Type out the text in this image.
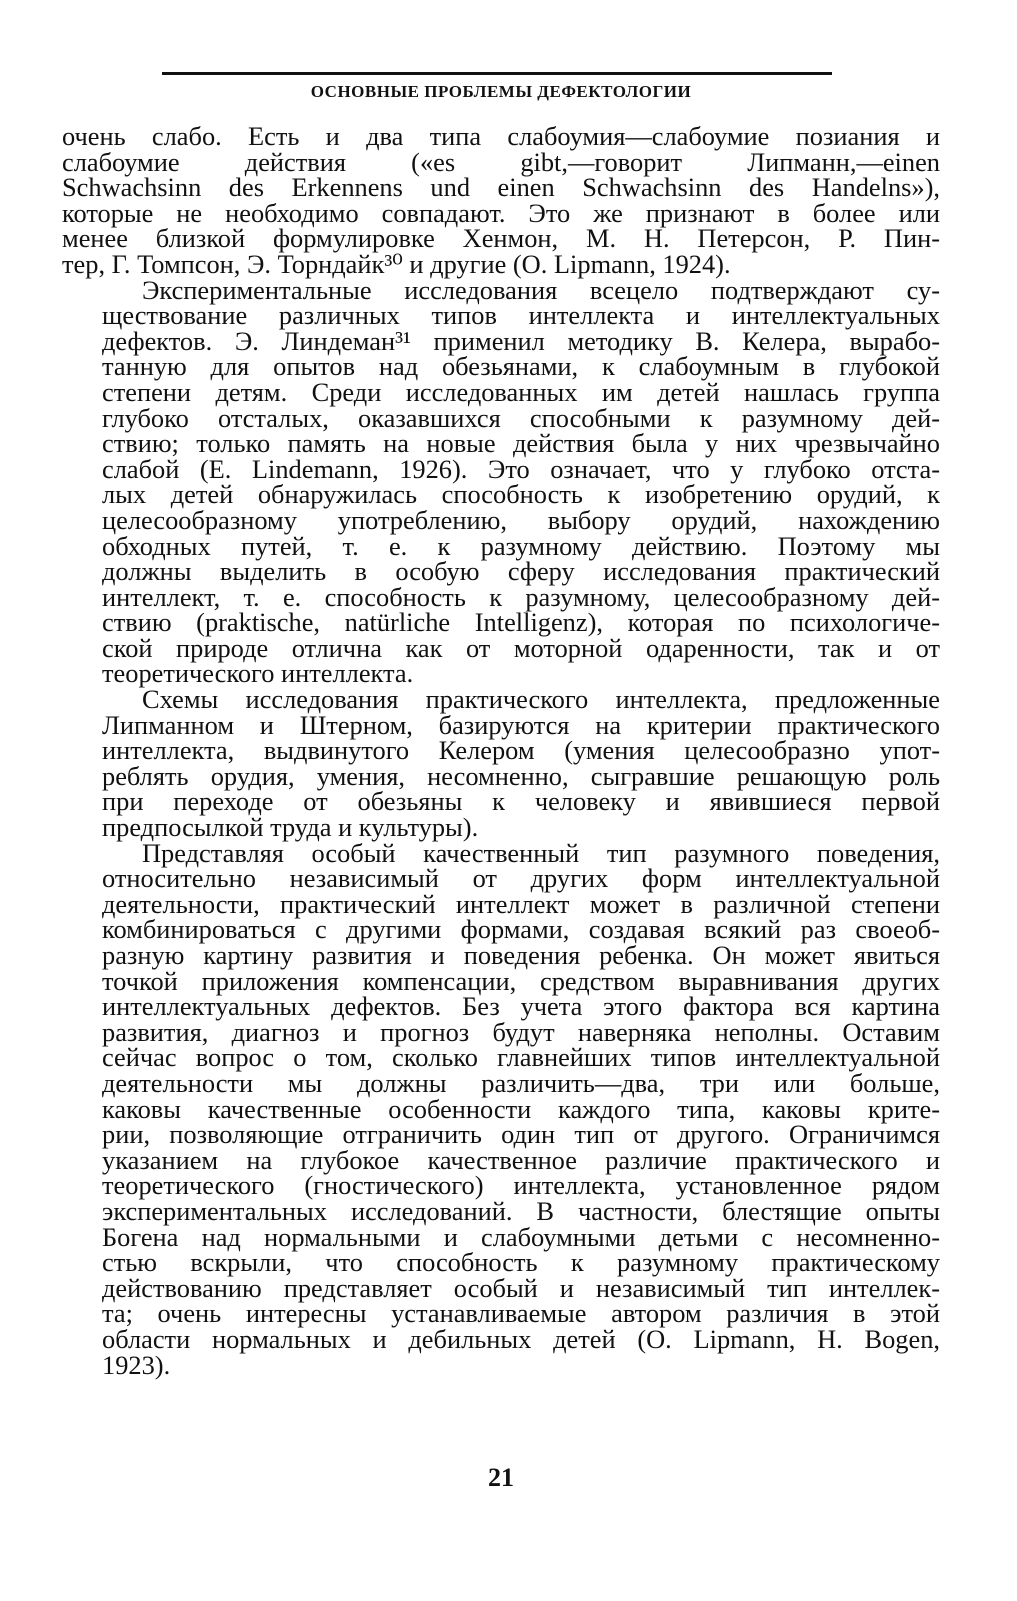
ОСНОВНЫЕ ПРОБЛЕМЫ ДЕФЕКТОЛОГИИ

очень слабо. Есть и два типа слабоумия—слабоумие позиания и
слабоумие действия («es gibt,—говорит Липманн,—einen
Schwachsinn des Erkennens und einen Schwachsinn des Handelns»),
которые не необходимо совпадают. Это же признают в более или
менее близкой формулировке Хенмон, М. Н. Петерсон, Р. Пин-
тер, Г. Томпсон, Э. Торндайк³⁰ и другие (O. Lipmann, 1924).

Экспериментальные исследования всецело подтверждают су-
ществование различных типов интеллекта и интеллектуальных
дефектов. Э. Линдеман³¹ применил методику В. Келера, вырабо-
танную для опытов над обезьянами, к слабоумным в глубокой
степени детям. Среди исследованных им детей нашлась группа
глубоко отсталых, оказавшихся способными к разумному дей-
ствию; только память на новые действия была у них чрезвычайно
слабой (E. Lindemann, 1926). Это означает, что у глубоко отста-
лых детей обнаружилась способность к изобретению орудий, к
целесообразному употреблению, выбору орудий, нахождению
обходных путей, т. е. к разумному действию. Поэтому мы
должны выделить в особую сферу исследования практический
интеллект, т. е. способность к разумному, целесообразному дей-
ствию (praktische, natürliche Intelligenz), которая по психологиче-
ской природе отлична как от моторной одаренности, так и от
теоретического интеллекта.

Схемы исследования практического интеллекта, предложенные
Липманном и Штерном, базируются на критерии практического
интеллекта, выдвинутого Келером (умения целесообразно упот-
реблять орудия, умения, несомненно, сыгравшие решающую роль
при переходе от обезьяны к человеку и явившиеся первой
предпосылкой труда и культуры).

Представляя особый качественный тип разумного поведения,
относительно независимый от других форм интеллектуальной
деятельности, практический интеллект может в различной степени
комбинироваться с другими формами, создавая всякий раз своеоб-
разную картину развития и поведения ребенка. Он может явиться
точкой приложения компенсации, средством выравнивания других
интеллектуальных дефектов. Без учета этого фактора вся картина
развития, диагноз и прогноз будут наверняка неполны. Оставим
сейчас вопрос о том, сколько главнейших типов интеллектуальной
деятельности мы должны различить—два, три или больше,
каковы качественные особенности каждого типа, каковы крите-
рии, позволяющие отграничить один тип от другого. Ограничимся
указанием на глубокое качественное различие практического и
теоретического (гностического) интеллекта, установленное рядом
экспериментальных исследований. В частности, блестящие опыты
Богена над нормальными и слабоумными детьми с несомненно-
стью вскрыли, что способность к разумному практическому
действованию представляет особый и независимый тип интеллек-
та; очень интересны устанавливаемые автором различия в этой
области нормальных и дебильных детей (O. Lipmann, H. Bogen,
1923).

21
